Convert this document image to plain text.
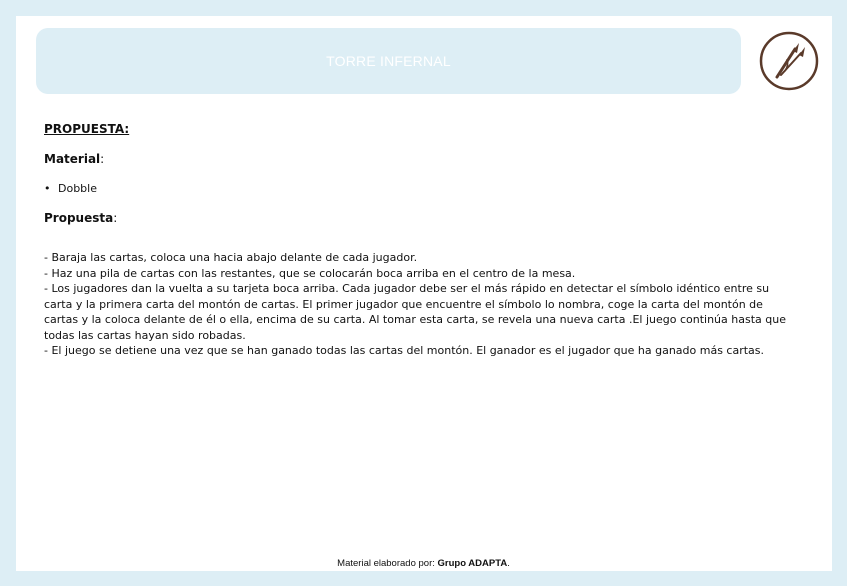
TORRE INFERNAL
PROPUESTA:
Material:
• Dobble
Propuesta:

- Baraja las cartas, coloca una hacia abajo delante de cada jugador.

- Haz una pila de cartas con las restantes, que se colocarán boca arriba en el centro de la mesa.

- Los jugadores dan la vuelta a su tarjeta boca arriba. Cada jugador debe ser el más rápido en detectar el símbolo idéntico entre su carta y la primera carta del montón de cartas. El primer jugador que encuentre el símbolo lo nombra, coge la carta del montón de cartas y la coloca delante de él o ella, encima de su carta. Al tomar esta carta, se revela una nueva carta .El juego continúa hasta que todas las cartas hayan sido robadas.

- El juego se detiene una vez que se han ganado todas las cartas del montón. El ganador es el jugador que ha ganado más cartas.

Material elaborado por: Grupo ADAPTA.
